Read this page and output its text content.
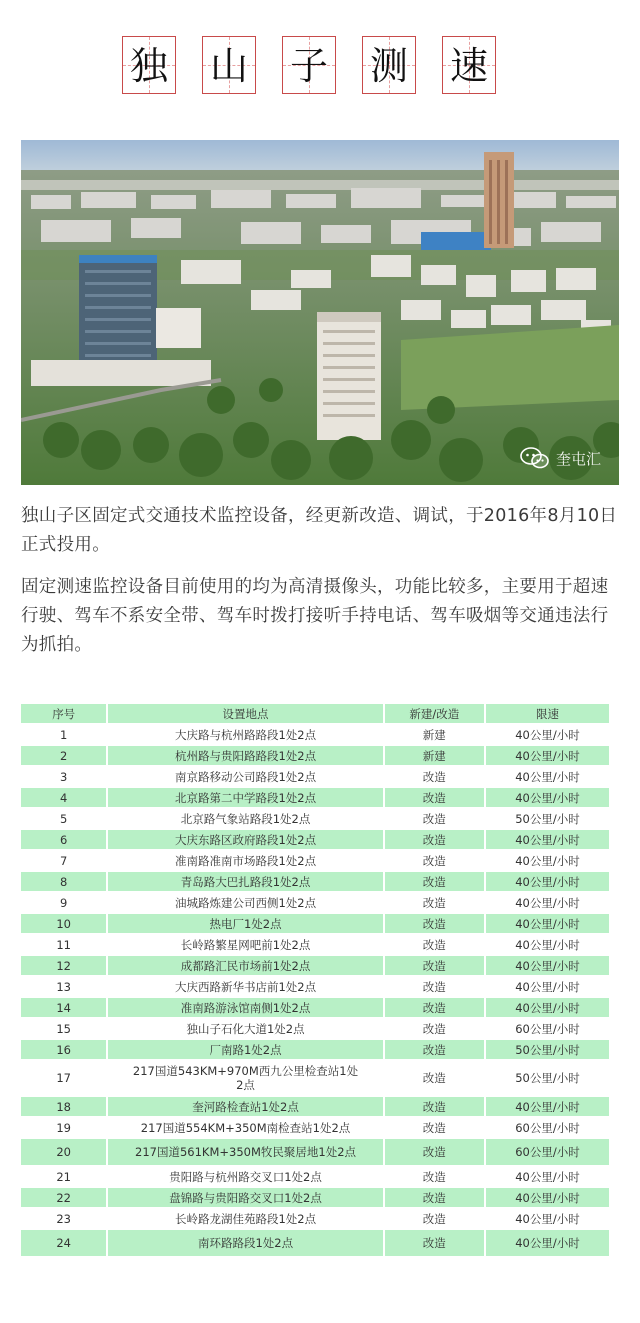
独 山 子 测 速
奎屯汇
独山子区固定式交通技术监控设备，经更新改造、调试，于2016年8月10日正式投用。
固定测速监控设备目前使用的均为高清摄像头，功能比较多，主要用于超速行驶、驾车不系安全带、驾车时拨打接听手持电话、驾车吸烟等交通违法行为抓拍。
序号	设置地点	新建/改造	限速
1	大庆路与杭州路路段1处2点	新建	40公里/小时
2	杭州路与贵阳路路段1处2点	新建	40公里/小时
3	南京路移动公司路段1处2点	改造	40公里/小时
4	北京路第二中学路段1处2点	改造	40公里/小时
5	北京路气象站路段1处2点	改造	50公里/小时
6	大庆东路区政府路段1处2点	改造	40公里/小时
7	准南路准南市场路段1处2点	改造	40公里/小时
8	青岛路大巴扎路段1处2点	改造	40公里/小时
9	油城路炼建公司西侧1处2点	改造	40公里/小时
10	热电厂1处2点	改造	40公里/小时
11	长岭路繁星网吧前1处2点	改造	40公里/小时
12	成都路汇民市场前1处2点	改造	40公里/小时
13	大庆西路新华书店前1处2点	改造	40公里/小时
14	准南路游泳馆南侧1处2点	改造	40公里/小时
15	独山子石化大道1处2点	改造	60公里/小时
16	厂南路1处2点	改造	50公里/小时
17	217国道543KM+970M西九公里检查站1处2点	改造	50公里/小时
18	奎河路检查站1处2点	改造	40公里/小时
19	217国道554KM+350M南检查站1处2点	改造	60公里/小时
20	217国道561KM+350M牧民聚居地1处2点	改造	60公里/小时
21	贵阳路与杭州路交叉口1处2点	改造	40公里/小时
22	盘锦路与贵阳路交叉口1处2点	改造	40公里/小时
23	长岭路龙湖佳苑路段1处2点	改造	40公里/小时
24	南环路路段1处2点	改造	40公里/小时
